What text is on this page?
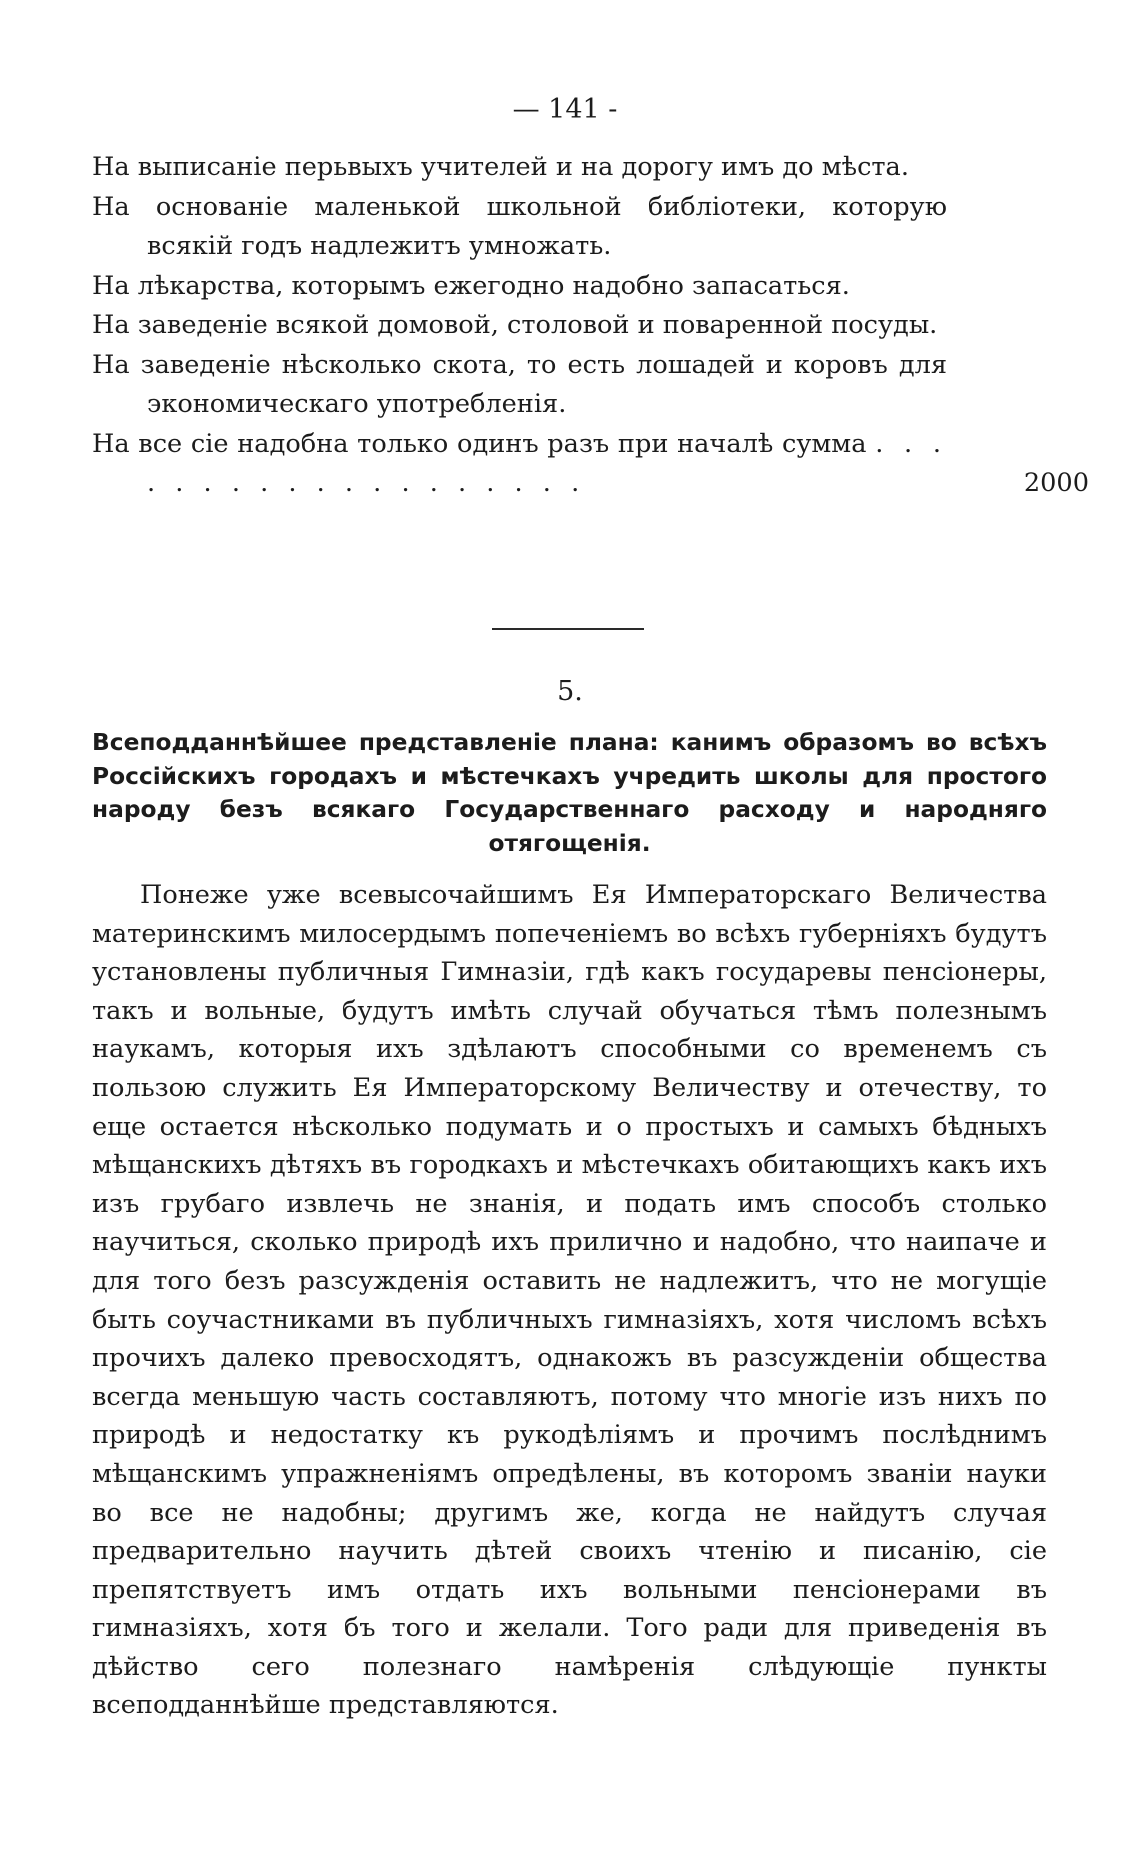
— 141 -

На выписаніе перьвыхъ учителей и на дорогу имъ до мѣста.

На основаніе маленькой школьной библіотеки, которую всякій годъ надлежитъ умножать.

На лѣкарства, которымъ ежегодно надобно запасаться.

На заведеніе всякой домовой, столовой и поваренной посуды.

На заведеніе нѣсколько скота, то есть лошадей и коровъ для экономическаго употребленія.

На все сіе надобна только одинъ разъ при началѣ сумма . . . . . . . . . . . . . . . . . . .	2000

5.

Всеподданнѣйшее представленіе плана: канимъ образомъ во всѣхъ Россійскихъ городахъ и мѣстечкахъ учредить школы для простого народу безъ всякаго Государственнаго расходу и народняго отягощенія.

Понеже уже всевысочайшимъ Ея Императорскаго Величества материнскимъ милосердымъ попеченіемъ во всѣхъ губерніяхъ будутъ установлены публичныя Гимназіи, гдѣ какъ государевы пенсіонеры, такъ и вольные, будутъ имѣть случай обучаться тѣмъ полезнымъ наукамъ, которыя ихъ здѣлаютъ способными со временемъ съ пользою служить Ея Императорскому Величеству и отечеству, то еще остается нѣсколько подумать и о простыхъ и самыхъ бѣдныхъ мѣщанскихъ дѣтяхъ въ городкахъ и мѣстечкахъ обитающихъ какъ ихъ изъ грубаго извлечь не знанія, и подать имъ способъ столько научиться, сколько природѣ ихъ прилично и надобно, что наипаче и для того безъ разсужденія оставить не надлежитъ, что не могущіе быть соучастниками въ публичныхъ гимназіяхъ, хотя числомъ всѣхъ прочихъ далеко превосходятъ, однакожъ въ разсужденіи общества всегда меньшую часть составляютъ, потому что многіе изъ нихъ по природѣ и недостатку къ рукодѣліямъ и прочимъ послѣднимъ мѣщанскимъ упражненіямъ опредѣлены, въ которомъ званіи науки во все не надобны; другимъ же, когда не найдутъ случая предварительно научить дѣтей своихъ чтенію и писанію, сіе препятствуетъ имъ отдать ихъ вольными пенсіонерами въ гимназіяхъ, хотя бъ того и желали. Того ради для приведенія въ дѣйство сего полезнаго намѣренія слѣдующіе пункты всеподданнѣйше представляются.
